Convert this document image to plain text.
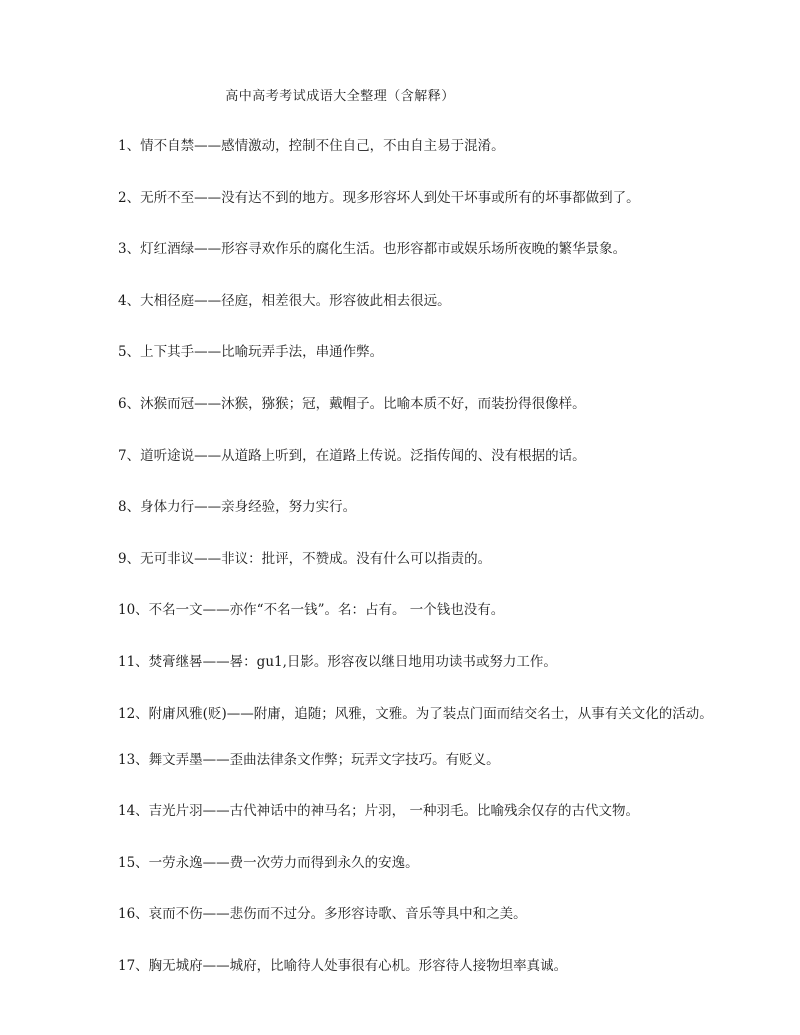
高中高考考试成语大全整理（含解释）
1、情不自禁——感情激动，控制不住自己，不由自主易于混淆。
2、无所不至——没有达不到的地方。现多形容坏人到处干坏事或所有的坏事都做到了。
3、灯红酒绿——形容寻欢作乐的腐化生活。也形容都市或娱乐场所夜晚的繁华景象。
4、大相径庭——径庭，相差很大。形容彼此相去很远。
5、上下其手——比喻玩弄手法，串通作弊。
6、沐猴而冠——沐猴，猕猴；冠，戴帽子。比喻本质不好，而装扮得很像样。
7、道听途说——从道路上听到，在道路上传说。泛指传闻的、没有根据的话。
8、身体力行——亲身经验，努力实行。
9、无可非议——非议：批评，不赞成。没有什么可以指责的。
10、不名一文——亦作“不名一钱”。名：占有。 一个钱也没有。
11、焚膏继晷——晷：gu1,日影。形容夜以继日地用功读书或努力工作。
12、附庸风雅(贬)——附庸，追随；风雅，文雅。为了装点门面而结交名士，从事有关文化的活动。
13、舞文弄墨——歪曲法律条文作弊；玩弄文字技巧。有贬义。
14、吉光片羽——古代神话中的神马名；片羽， 一种羽毛。比喻残余仅存的古代文物。
15、一劳永逸——费一次劳力而得到永久的安逸。
16、哀而不伤——悲伤而不过分。多形容诗歌、音乐等具中和之美。
17、胸无城府——城府，比喻待人处事很有心机。形容待人接物坦率真诚。
